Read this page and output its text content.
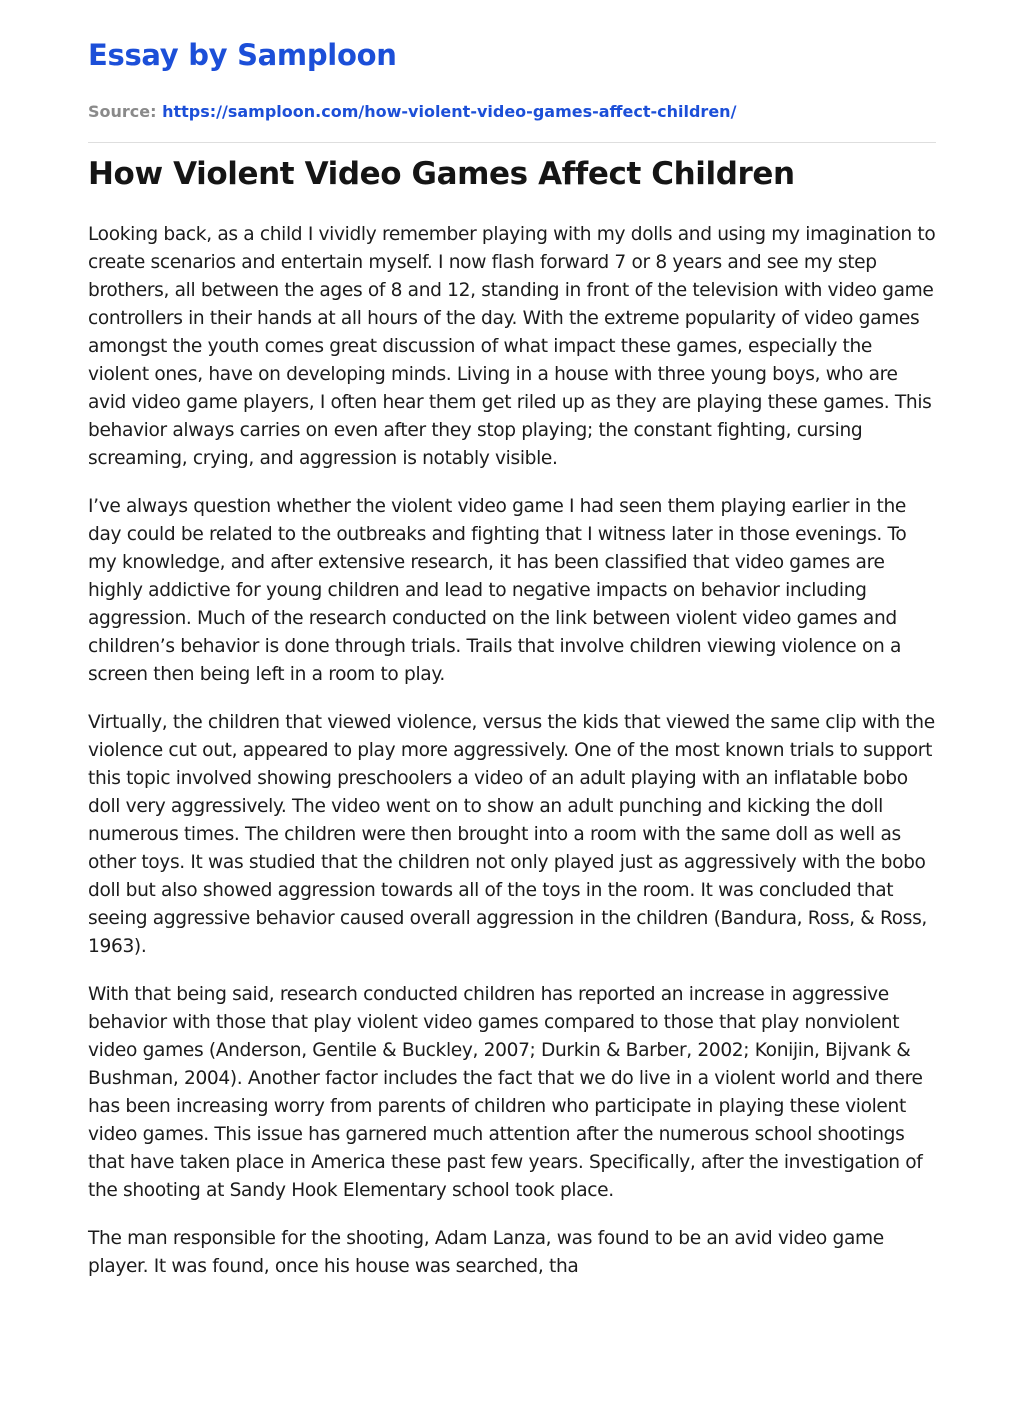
Essay by Samploon
Source: https://samploon.com/how-violent-video-games-affect-children/
How Violent Video Games Affect Children

Looking back, as a child I vividly remember playing with my dolls and using my imagination to create scenarios and entertain myself. I now flash forward 7 or 8 years and see my step brothers, all between the ages of 8 and 12, standing in front of the television with video game controllers in their hands at all hours of the day. With the extreme popularity of video games amongst the youth comes great discussion of what impact these games, especially the violent ones, have on developing minds. Living in a house with three young boys, who are avid video game players, I often hear them get riled up as they are playing these games. This behavior always carries on even after they stop playing; the constant fighting, cursing screaming, crying, and aggression is notably visible.

I’ve always question whether the violent video game I had seen them playing earlier in the day could be related to the outbreaks and fighting that I witness later in those evenings. To my knowledge, and after extensive research, it has been classified that video games are highly addictive for young children and lead to negative impacts on behavior including aggression. Much of the research conducted on the link between violent video games and children’s behavior is done through trials. Trails that involve children viewing violence on a screen then being left in a room to play.

Virtually, the children that viewed violence, versus the kids that viewed the same clip with the violence cut out, appeared to play more aggressively. One of the most known trials to support this topic involved showing preschoolers a video of an adult playing with an inflatable bobo doll very aggressively. The video went on to show an adult punching and kicking the doll numerous times. The children were then brought into a room with the same doll as well as other toys. It was studied that the children not only played just as aggressively with the bobo doll but also showed aggression towards all of the toys in the room. It was concluded that seeing aggressive behavior caused overall aggression in the children (Bandura, Ross, & Ross, 1963).

With that being said, research conducted children has reported an increase in aggressive behavior with those that play violent video games compared to those that play nonviolent video games (Anderson, Gentile & Buckley, 2007; Durkin & Barber, 2002; Konijin, Bijvank & Bushman, 2004). Another factor includes the fact that we do live in a violent world and there has been increasing worry from parents of children who participate in playing these violent video games. This issue has garnered much attention after the numerous school shootings that have taken place in America these past few years. Specifically, after the investigation of the shooting at Sandy Hook Elementary school took place.

The man responsible for the shooting, Adam Lanza, was found to be an avid video game player. It was found, once his house was searched, tha
